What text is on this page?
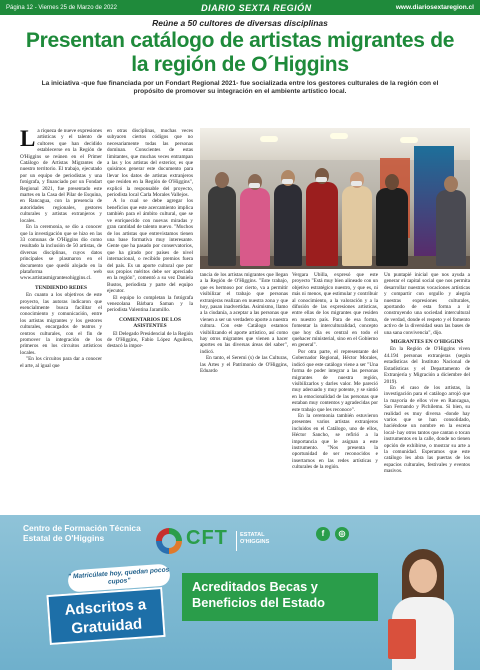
Página 12 - Viernes 25 de Marzo de 2022	DIARIO SEXTA REGIÓN	www.diariosextaregion.cl
Reúne a 50 cultores de diversas disciplinas
Presentan catálogo de artistas migrantes de la región de O´Higgins
La iniciativa -que fue financiada por un Fondart Regional 2021- fue socializada entre los gestores culturales de la región con el propósito de promover su integración en el ambiente artístico local.

La riqueza de nueve expresiones artísticas y el talento de cultores que han decidido establecerse en la Región de O'Higgins se reúnen en el Primer Catálogo de Artistas Migrantes de nuestro territorio. El trabajo, ejecutado por un equipo de periodistas y una fotógrafa, y financiado por un Fondart Regional 2021, fue presentado este martes en la Casa del Pilar de Esquina, en Rancagua, con la presencia de autoridades regionales, gestores culturales y artistas extranjeros y locales.

En la ceremonia, se dio a conocer que la investigación que se hizo en las 33 comunas de O'Higgins dio como resultado la inclusión de 50 artistas, de diversas disciplinas, cuyos datos principales se plasmaron en el documento que quedó alojado en la plataforma web www.artistasmigrantesohiggins.cl.

TENDIENDO REDES

En cuanto a los objetivos de este proyecto, las autoras indicaron que esencialmente busca facilitar el conocimiento y comunicación, entre los artistas migrantes y los gestores culturales, encargados de teatros y centros culturales, con el fin de promover la integración de los primeros en los circuitos artísticos locales.

"En los circuitos para dar a conocer el arte, al igual que

en otras disciplinas, muchas veces subyacen ciertos códigos que no necesariamente todas las personas dominan. Conscientes de estas limitantes, que muchas veces entrampan a las y los artistas del exterior, es que quisimos generar este documento para llevar los datos de artistas extranjeros que residen en la Región de O'Higgins", explicó la responsable del proyecto, periodista local Carla Morales Vallejos.

A lo cual se debe agregar los beneficios que este acercamiento implica también para el ámbito cultural, que se ve enriquecido con nuevas miradas y gran cantidad de talento nuevo. "Muchos de los artistas que entrevistamos tienen una base formativa muy interesante. Gente que ha pasado por conservatorios, que ha girado por países de nivel internacional, o recibido premios fuera del país. Es un aporte cultural que por sus propios méritos debe ser apreciado en la región", comentó a su vez Daniela Bustos, periodista y parte del equipo ejecutor.

El equipo lo completan la fotógrafa venezolana Bárbara Saman y la periodista Valentina Jaramillo.

COMENTARIOS DE LOS ASISTENTES

El Delegado Presidencial de la Región de O'Higgins, Fabio López Aguilera, destacó la impor-

tancia de los artistas migrantes que llegan a la Región de O'Higgins. "Este trabajo, que es hermoso por cierto, va a permitir visibilizar el trabajo que personas extranjeras realizan en nuestra zona y que hoy, pasan inadvertidas. Asimismo, llamo a la ciudanía, a aceptar a las personas que vienen a ser un verdadero aporte a nuestra cultura. Con este Catálogo estamos visibilizando el aporte artístico, así como hay otros migrantes que vienen a hacer aportes en las diversas áreas del saber", indicó.

En tanto, el Seremi (s) de las Culturas, las Artes y el Patrimonio de O'Higgins, Eduardo

Vergara Ubilla, expresó que este proyecto "Está muy bien alineado con un objetivo estratégico nuestro, y que es, ni más ni menos, que estimular y contribuir al conocimiento, a la valoración y a la difusión de las expresiones artísticas, entre ellas de los migrantes que residen en nuestro país. Para de esa forma, fomentar la interculturalidad, concepto que hoy día es central en todo el quehacer ministerial, sino en el Gobierno en general".

Por otra parte, el representante del Gobernador Regional, Héctor Morales, indicó que este catálogo viene a ser "Una forma de poder integrar a las personas migrantes de nuestra región, visibilizarlos y darles valor. Me pareció muy adecuado y muy potente, y se sintió en la emocionalidad de las personas que estaban muy contentos y agradecidas por este trabajo que les reconoce".

En la ceremonia también estuvieron presentes varios artistas extranjeros incluidos en el Catálogo, uno de ellos, Héctor Sancho, se refirió a la importancia que le asignan a este instrumento. "Nos presenta la oportunidad de ser reconocidos e insertarnos en las redes artísticas y culturales de la región.

Un puntapié inicial que nos ayuda a generar el capital social que nos permita desarrollar nuestras vocaciones artísticas y compartir con orgullo y alegría nuestras expresiones culturales, aportando de esta forma a ir construyendo una sociedad intercultural de verdad, donde el respeto y el fomento activo de la diversidad sean las bases de una sana convivencia", dijo.

MIGRANTES EN O'HIGGINS

En la Región de O'Higgins viven 44.194 personas extranjeras (según estadísticas del Instituto Nacional de Estadísticas y el Departamento de Extranjería y Migración a diciembre del 2019).

En el caso de los artistas, la investigación para el catálogo arrojó que la mayoría de ellos vive en Rancagua, San Fernando y Pichilemu. Si bien, su realidad es muy diversa -donde hay varios que se han consolidado, haciéndose un nombre en la escena local- hay otros tantos que cantan o tocan instrumentos en la calle, donde no tienen opción de exhibirse, o mostrar su arte a la comunidad. Esperamos que este catálogo les abra las puertas de los espacios culturales, festivales y eventos masivos.

Centro de Formación Técnica Estatal de O'Higgins	CFT ESTATAL
O'HIGGINS
f	◎
" Matricúlate hoy, quedan pocos cupos"
Adscritos a Gratuidad
Acreditados Becas y Beneficios del Estado
